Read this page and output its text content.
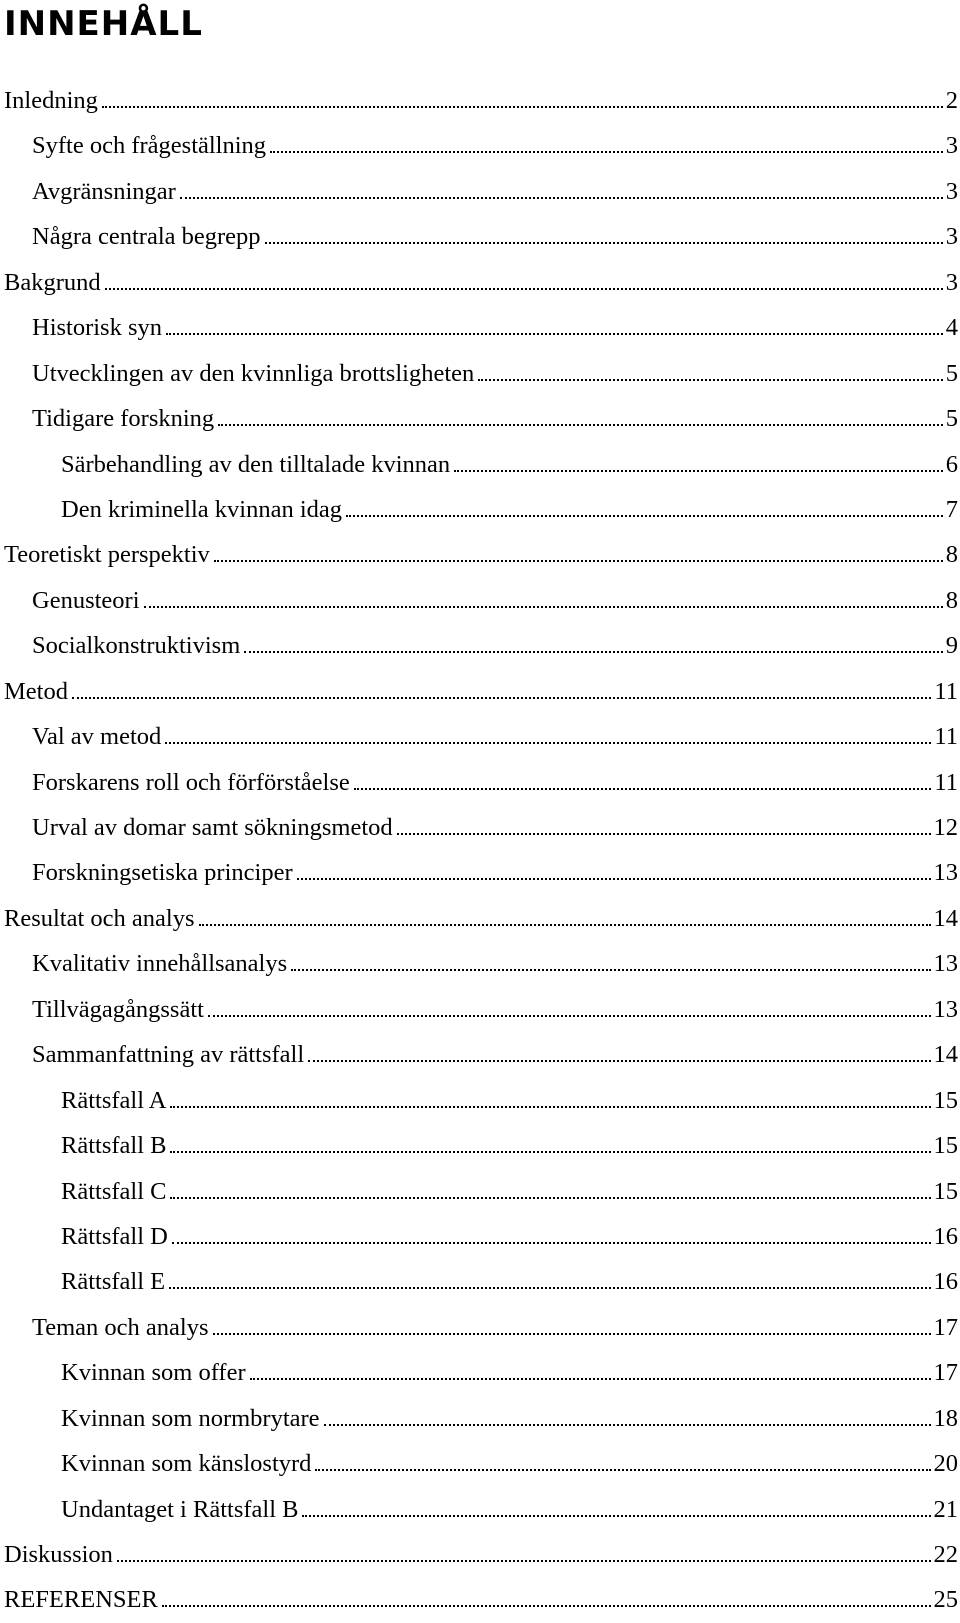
INNEHÅLL
Inledning	2
Syfte och frågeställning	3
Avgränsningar	3
Några centrala begrepp	3
Bakgrund	3
Historisk syn	4
Utvecklingen av den kvinnliga brottsligheten	5
Tidigare forskning	5
Särbehandling av den tilltalade kvinnan	6
Den kriminella kvinnan idag	7
Teoretiskt perspektiv	8
Genusteori	8
Socialkonstruktivism	9
Metod	11
Val av metod	11
Forskarens roll och förförståelse	11
Urval av domar samt sökningsmetod	12
Forskningsetiska principer	13
Resultat och analys	14
Kvalitativ innehållsanalys	13
Tillvägagångssätt	13
Sammanfattning av rättsfall	14
Rättsfall A	15
Rättsfall B	15
Rättsfall C	15
Rättsfall D	16
Rättsfall E	16
Teman och analys	17
Kvinnan som offer	17
Kvinnan som normbrytare	18
Kvinnan som känslostyrd	20
Undantaget i Rättsfall B	21
Diskussion	22
REFERENSER	25
